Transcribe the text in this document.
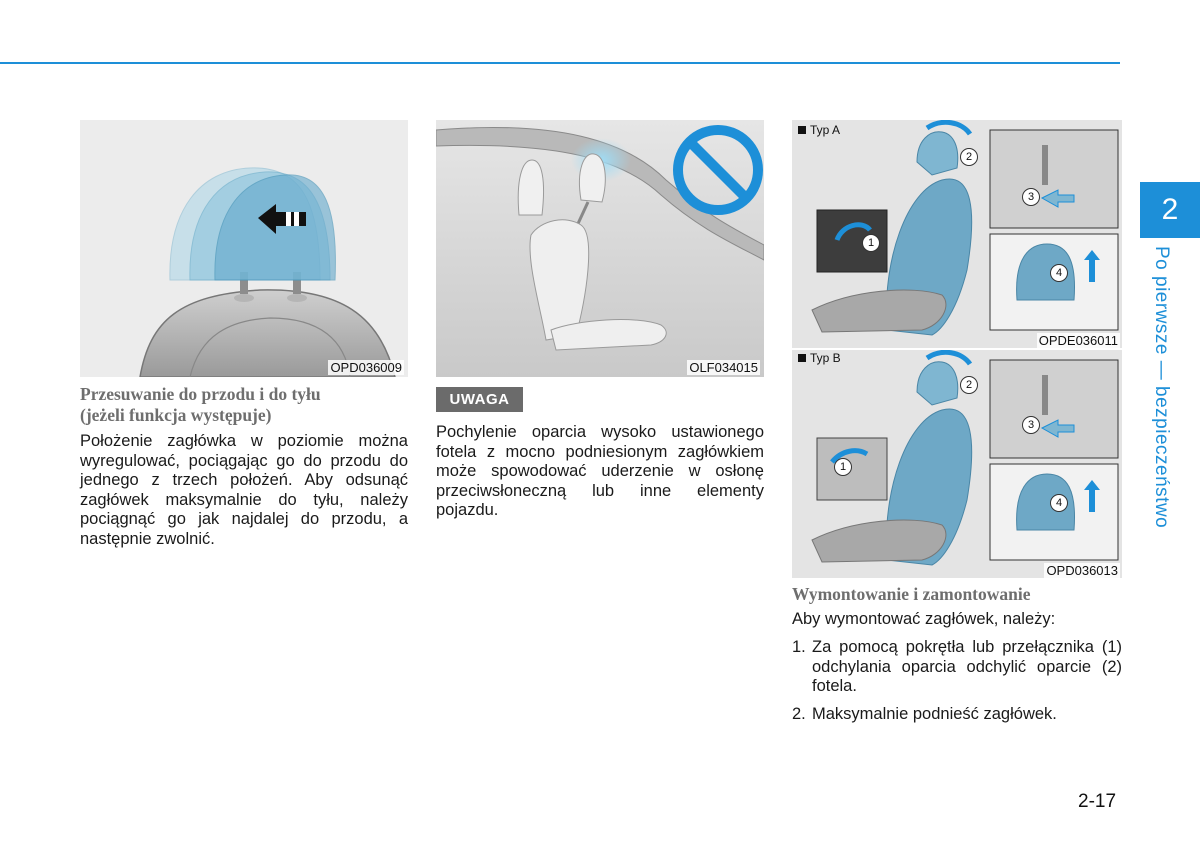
2
Po pierwsze — bezpieczeństwo
OPD036009
Przesuwanie do przodu i do tyłu
(jeżeli funkcja występuje)
Położenie zagłówka w poziomie można wyregulować, pociągając go do przodu do jednego z trzech położeń. Aby odsunąć zagłówek maksymalnie do tyłu, należy pociągnąć go jak najdalej do przodu, a następnie zwolnić.
OLF034015
UWAGA
Pochylenie oparcia wysoko ustawionego fotela z mocno podniesionym zagłówkiem może spowodować uderzenie w osłonę przeciwsłoneczną lub inne elementy pojazdu.
Typ A
1
2
3
4
OPDE036011
Typ B
1
2
3
4
OPD036013
Wymontowanie i zamontowanie
Aby wymontować zagłówek, należy:
1. Za pomocą pokrętła lub przełącznika (1) odchylania oparcia odchylić oparcie (2) fotela.
2. Maksymalnie podnieść zagłówek.
2-17
